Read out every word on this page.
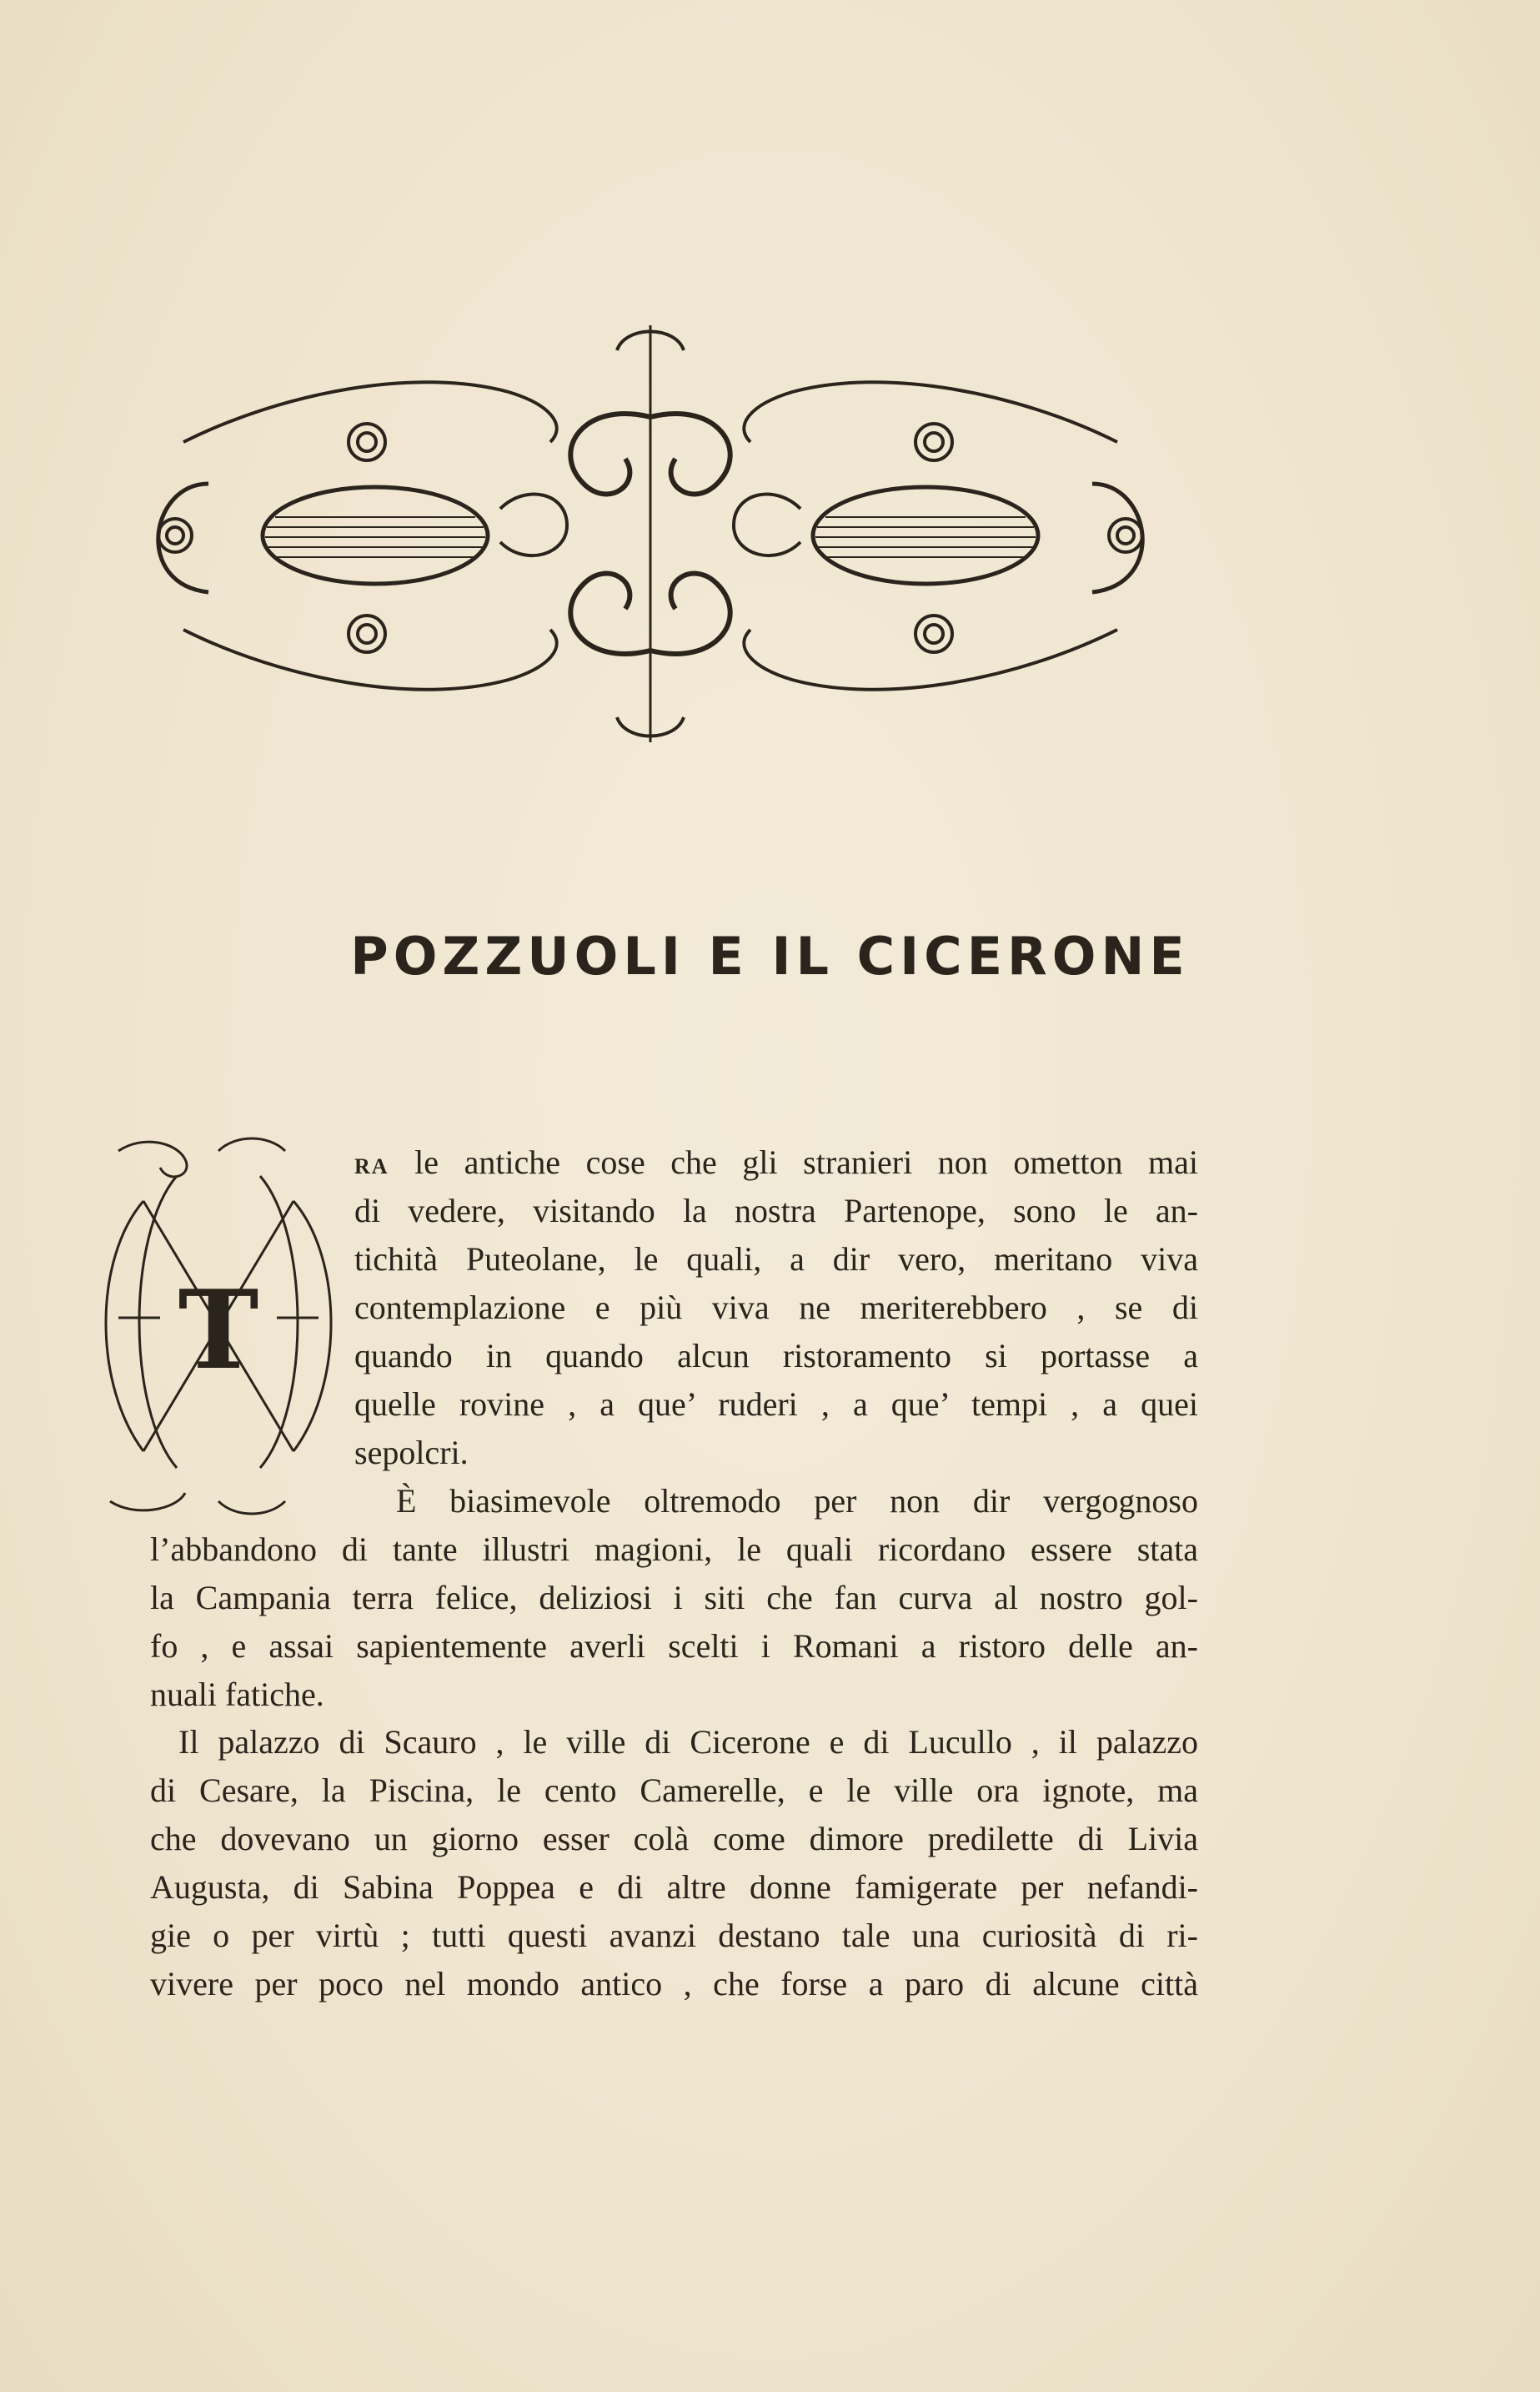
POZZUOLI E IL CICERONE
T
RA le antiche cose che gli stranieri non ometton mai
di vedere, visitando la nostra Partenope, sono le an-
tichità Puteolane, le quali, a dir vero, meritano viva
contemplazione e più viva ne meriterebbero , se di
quando in quando alcun ristoramento si portasse a
quelle rovine , a que’ ruderi , a que’ tempi , a quei
sepolcri.
È biasimevole oltremodo per non dir vergognoso
l’abbandono di tante illustri magioni, le quali ricordano essere stata
la Campania terra felice, deliziosi i siti che fan curva al nostro gol-
fo , e assai sapientemente averli scelti i Romani a ristoro delle an-
nuali fatiche.
Il palazzo di Scauro , le ville di Cicerone e di Lucullo , il palazzo
di Cesare, la Piscina, le cento Camerelle, e le ville ora ignote, ma
che dovevano un giorno esser colà come dimore predilette di Livia
Augusta, di Sabina Poppea e di altre donne famigerate per nefandi-
gie o per virtù ; tutti questi avanzi destano tale una curiosità di ri-
vivere per poco nel mondo antico , che forse a paro di alcune città
